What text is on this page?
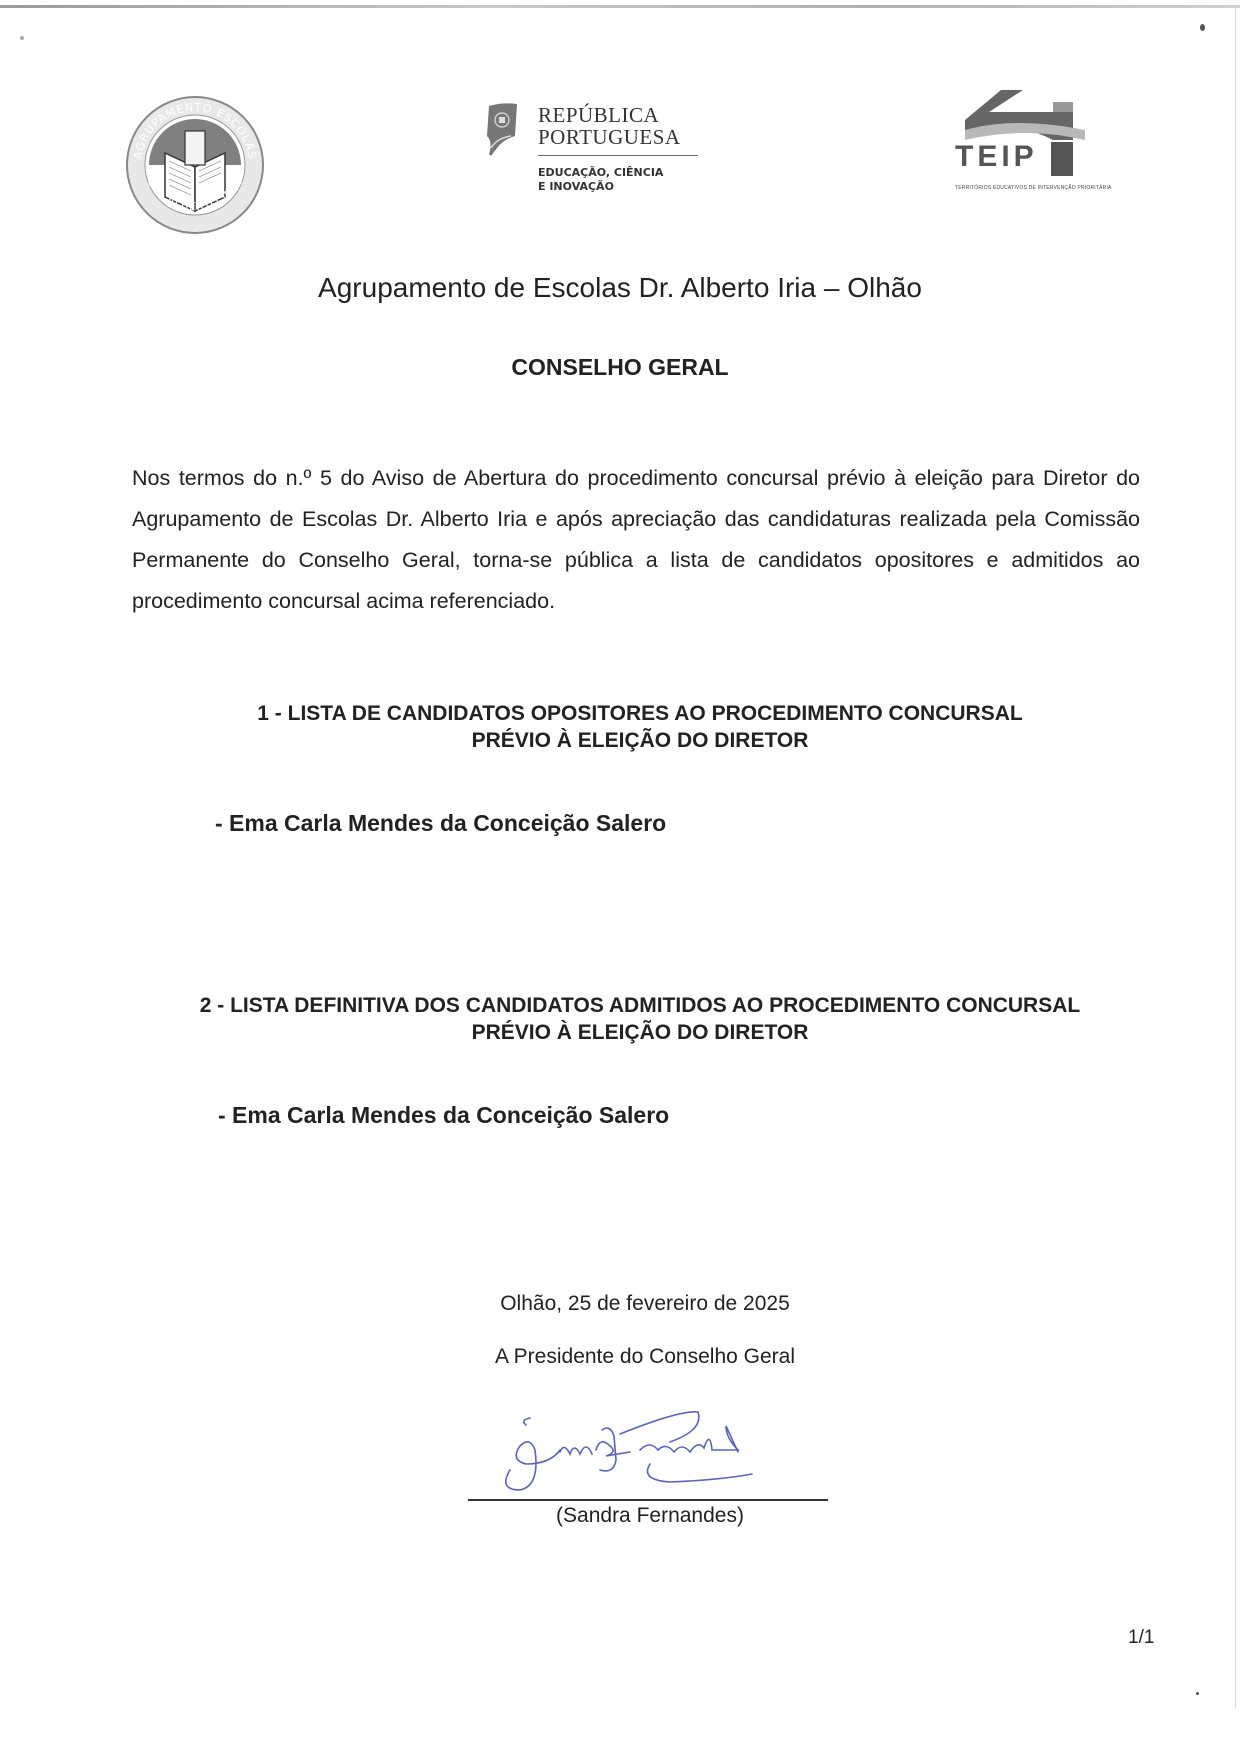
AGRUPAMENTO ESCOLAS
DR. ALBERTO IRIA
REPÚBLICA
PORTUGUESA
EDUCAÇÃO, CIÊNCIA
E INOVAÇÃO
TEIP
TERRITÓRIOS EDUCATIVOS DE INTERVENÇÃO PRIORITÁRIA
Agrupamento de Escolas Dr. Alberto Iria – Olhão
CONSELHO GERAL
Nos termos do n.º 5 do Aviso de Abertura do procedimento concursal prévio à eleição para Diretor do Agrupamento de Escolas Dr. Alberto Iria e após apreciação das candidaturas realizada pela Comissão Permanente do Conselho Geral, torna-se pública a lista de candidatos opositores e admitidos ao procedimento concursal acima referenciado.
1 - LISTA DE CANDIDATOS OPOSITORES AO PROCEDIMENTO CONCURSAL
PRÉVIO À ELEIÇÃO DO DIRETOR
- Ema Carla Mendes da Conceição Salero
2 - LISTA DEFINITIVA DOS CANDIDATOS ADMITIDOS AO PROCEDIMENTO CONCURSAL
PRÉVIO À ELEIÇÃO DO DIRETOR
- Ema Carla Mendes da Conceição Salero
Olhão, 25 de fevereiro de 2025
A Presidente do Conselho Geral
(Sandra Fernandes)
1/1
